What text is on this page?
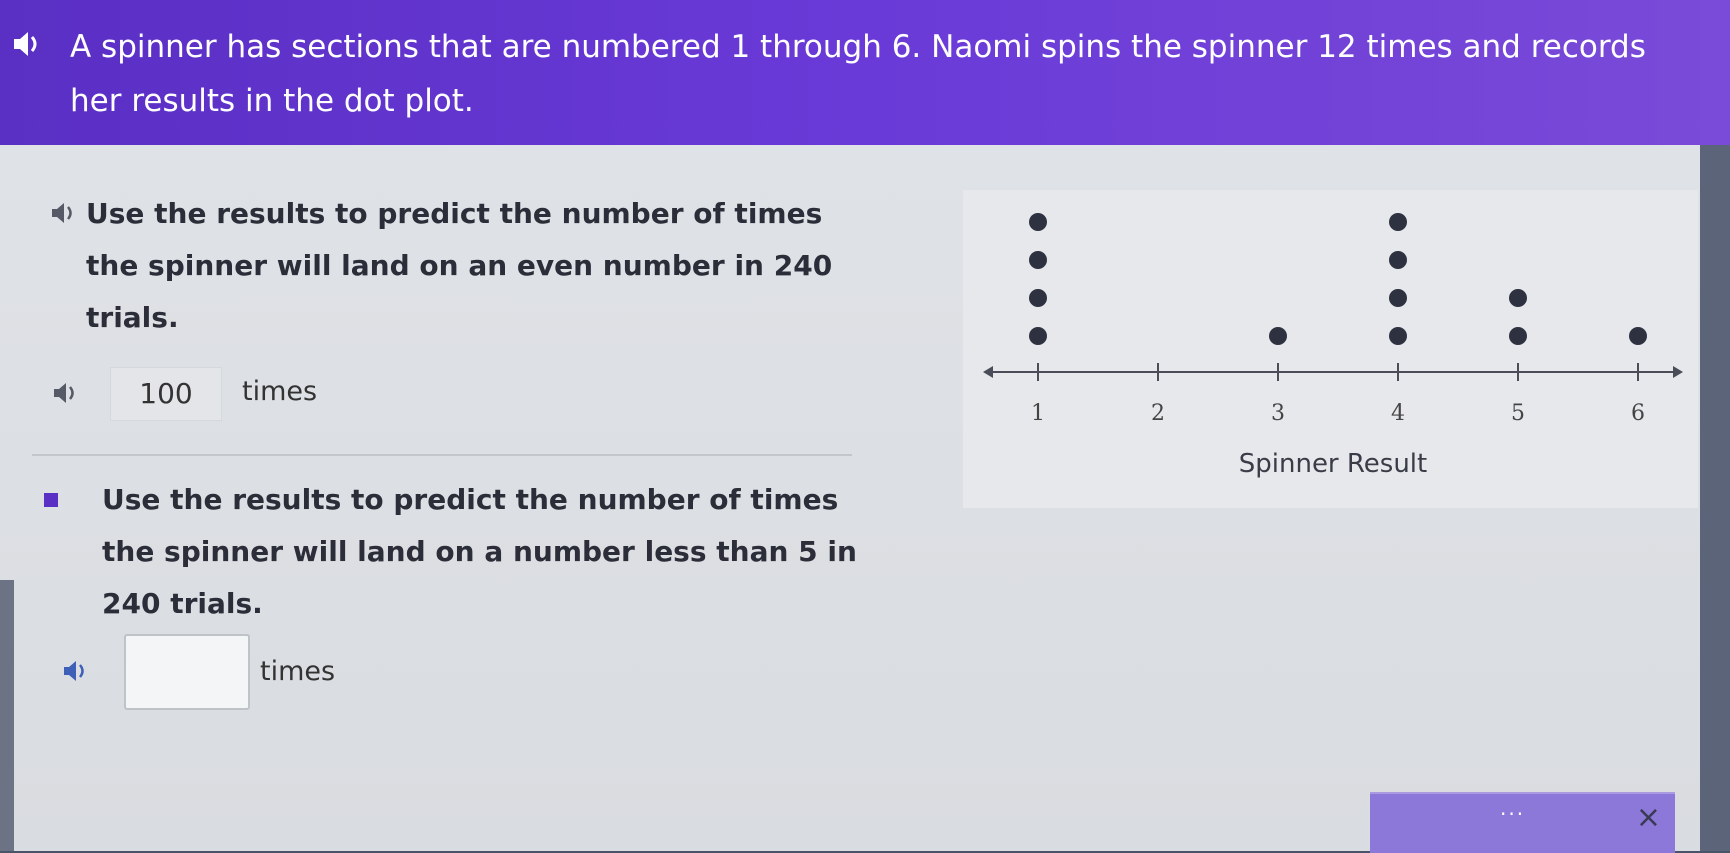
A spinner has sections that are numbered 1 through 6. Naomi spins the spinner 12 times and records her results in the dot plot.
Use the results to predict the number of times the spinner will land on an even number in 240 trials.
100	times
Use the results to predict the number of times the spinner will land on a number less than 5 in 240 trials.
times
1	2	3	4	5	6
Spinner Result
...	×
